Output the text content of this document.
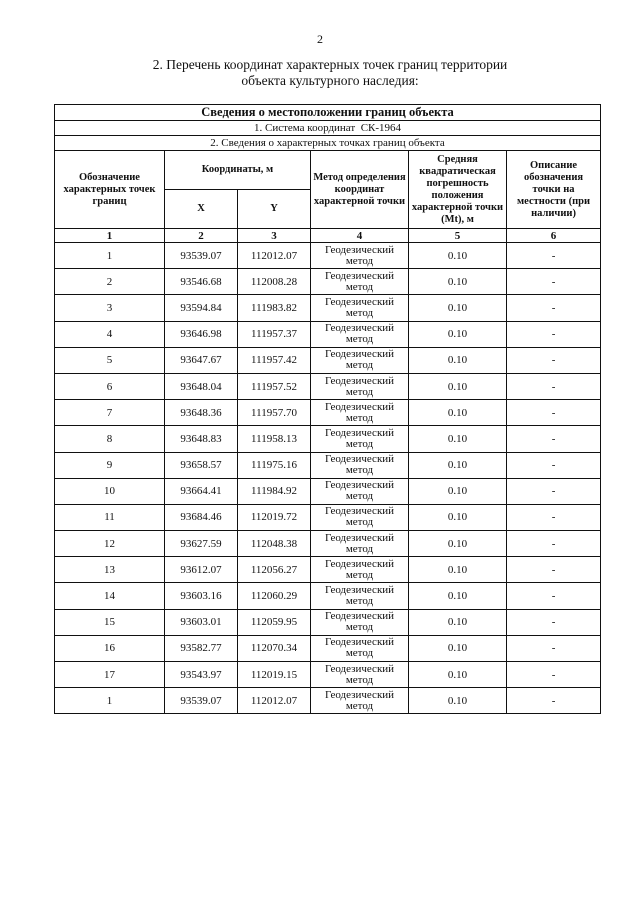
2
2. Перечень координат характерных точек границ территории
объекта культурного наследия:
Сведения о местоположении границ объекта					
1. Система координат СК-1964					
2. Сведения о характерных точках границ объекта					
Обозначение характерных точек границ	Координаты, м		Метод определения координат характерной точки	Средняя квадратическая погрешность положения характерной точки (Mt), м	Описание обозначения точки на местности (при наличии)
	X	Y			
1	2	3	4	5	6
1	93539.07	112012.07	Геодезический метод	0.10	-
2	93546.68	112008.28	Геодезический метод	0.10	-
3	93594.84	111983.82	Геодезический метод	0.10	-
4	93646.98	111957.37	Геодезический метод	0.10	-
5	93647.67	111957.42	Геодезический метод	0.10	-
6	93648.04	111957.52	Геодезический метод	0.10	-
7	93648.36	111957.70	Геодезический метод	0.10	-
8	93648.83	111958.13	Геодезический метод	0.10	-
9	93658.57	111975.16	Геодезический метод	0.10	-
10	93664.41	111984.92	Геодезический метод	0.10	-
11	93684.46	112019.72	Геодезический метод	0.10	-
12	93627.59	112048.38	Геодезический метод	0.10	-
13	93612.07	112056.27	Геодезический метод	0.10	-
14	93603.16	112060.29	Геодезический метод	0.10	-
15	93603.01	112059.95	Геодезический метод	0.10	-
16	93582.77	112070.34	Геодезический метод	0.10	-
17	93543.97	112019.15	Геодезический метод	0.10	-
1	93539.07	112012.07	Геодезический метод	0.10	-
